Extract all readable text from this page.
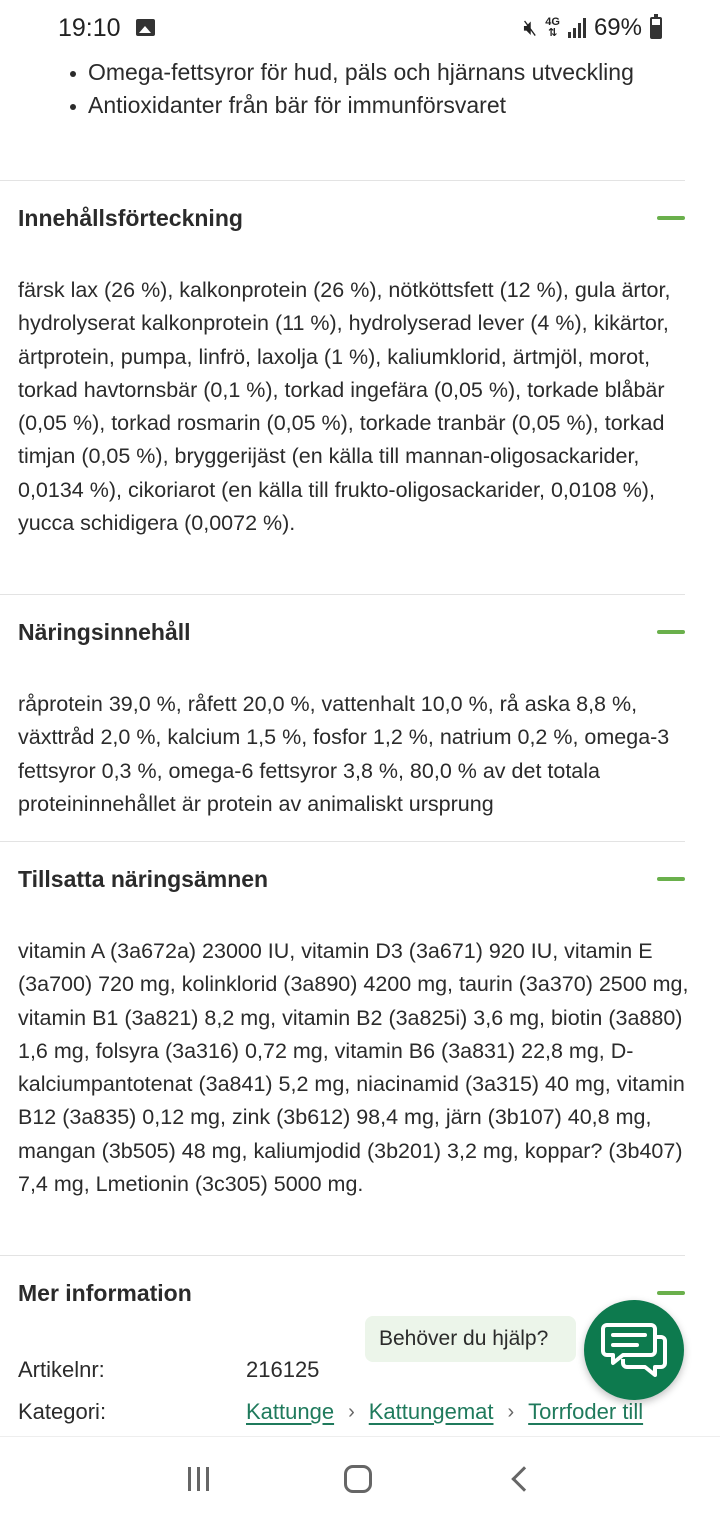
19:10	🔇︎ 4G
⇅ 69%
Omega-fettsyror för hud, päls och hjärnans utveckling
Antioxidanter från bär för immunförsvaret
Innehållsförteckning

färsk lax (26 %), kalkonprotein (26 %), nötköttsfett (12 %), gula ärtor, hydrolyserat kalkonprotein (11 %), hydrolyserad lever (4 %), kikärtor, ärtprotein, pumpa, linfrö, laxolja (1 %), kaliumklorid, ärtmjöl, morot, torkad havtornsbär (0,1 %), torkad ingefära (0,05 %), torkade blåbär (0,05 %), torkad rosmarin (0,05 %), torkade tranbär (0,05 %), torkad timjan (0,05 %), bryggerijäst (en källa till mannan-oligosackarider, 0,0134 %), cikoriarot (en källa till frukto-oligosackarider, 0,0108 %), yucca schidigera (0,0072 %).

Näringsinnehåll

råprotein 39,0 %, råfett 20,0 %, vattenhalt 10,0 %, rå aska 8,8 %, växttråd 2,0 %, kalcium 1,5 %, fosfor 1,2 %, natrium 0,2 %, omega-3 fettsyror 0,3 %, omega-6 fettsyror 3,8 %, 80,0 % av det totala proteininnehållet är protein av animaliskt ursprung

Tillsatta näringsämnen

vitamin A (3a672a) 23000 IU, vitamin D3 (3a671) 920 IU, vitamin E (3a700) 720 mg, kolinklorid (3a890) 4200 mg, taurin (3a370) 2500 mg, vitamin B1 (3a821) 8,2 mg, vitamin B2 (3a825i) 3,6 mg, biotin (3a880) 1,6 mg, folsyra (3a316) 0,72 mg, vitamin B6 (3a831) 22,8 mg, D-kalciumpantotenat (3a841) 5,2 mg, niacinamid (3a315) 40 mg, vitamin B12 (3a835) 0,12 mg, zink (3b612) 98,4 mg, järn (3b107) 40,8 mg, mangan (3b505) 48 mg, kaliumjodid (3b201) 3,2 mg, koppar? (3b407) 7,4 mg, Lmetionin (3c305) 5000 mg.

Mer information
Artikelnr:	216125
Kategori:	Kattunge › Kattungemat › Torrfoder till
Behöver du hjälp?
